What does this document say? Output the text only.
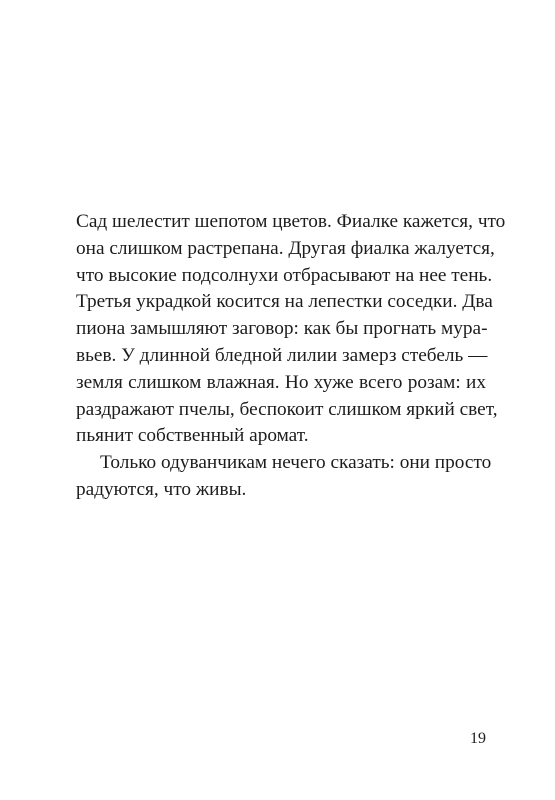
Сад шелестит шепотом цветов. Фиалке кажется, что
она слишком растрепана. Другая фиалка жалуется,
что высокие подсолнухи отбрасывают на нее тень.
Третья украдкой косится на лепестки соседки. Два
пиона замышляют заговор: как бы прогнать мура-
вьев. У длинной бледной лилии замерз стебель —
земля слишком влажная. Но хуже всего розам: их
раздражают пчелы, беспокоит слишком яркий свет,
пьянит собственный аромат.
Только одуванчикам нечего сказать: они просто
радуются, что живы.
19
